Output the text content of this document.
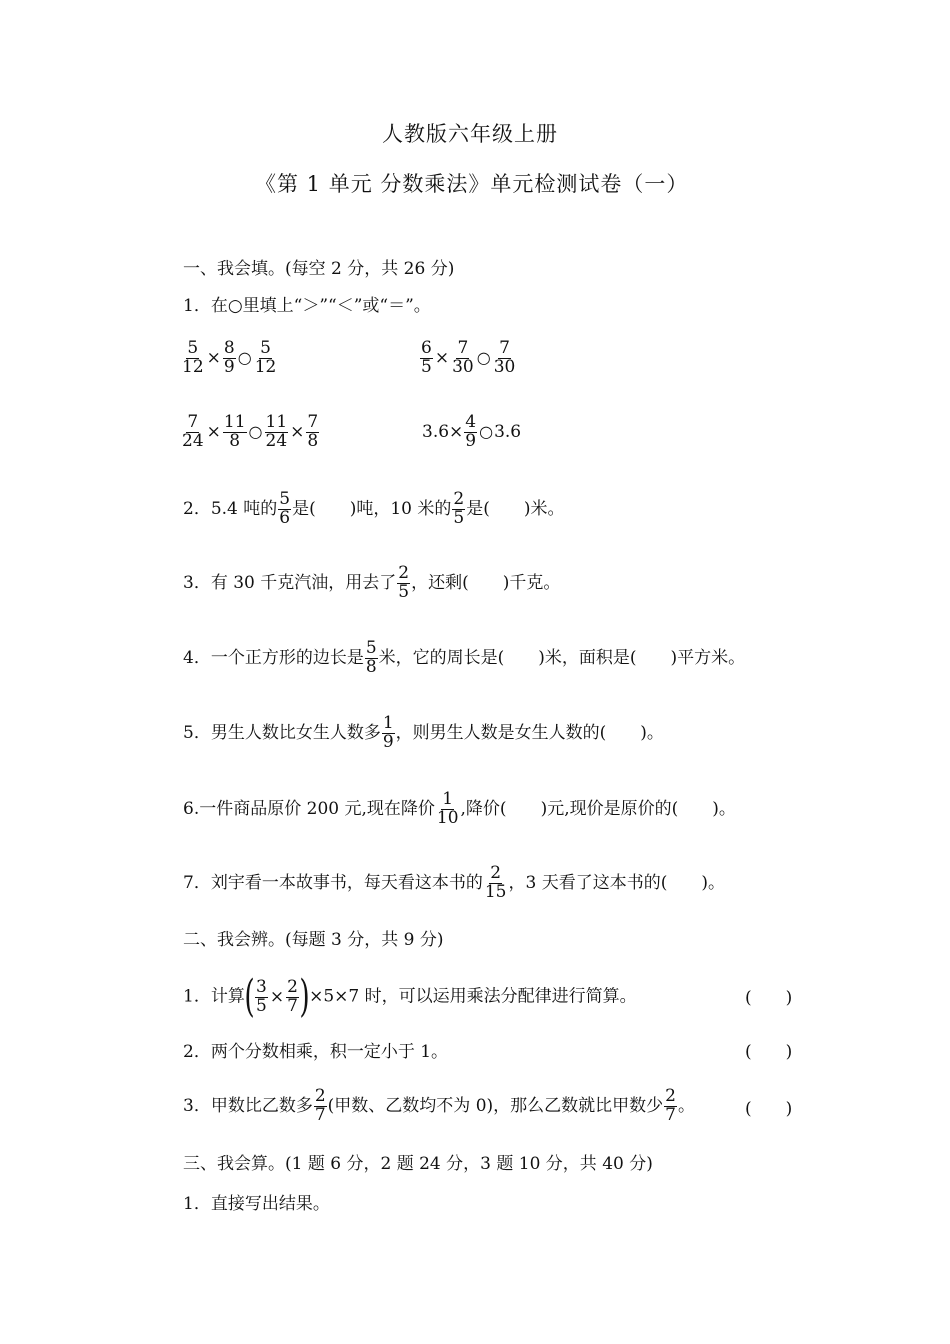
人教版六年级上册
《第 1 单元 分数乘法》单元检测试卷（一）
一、我会填。(每空 2 分，共 26 分)
1．在○里填上“＞”“＜”或“＝”。
$\frac{5}{12} \times \frac{8}{9}$ ○ $\frac{5}{12}$	$\frac{6}{5} \times \frac{7}{30}$ ○ $\frac{7}{30}$
$\frac{7}{24} \times \frac{11}{8}$ ○ $\frac{11}{24} \times \frac{7}{8}$	$3.6\times \frac{4}{9}$ ○3.6
2．5.4 吨的 $\frac{5}{6}$ 是(　　)吨，10 米的 $\frac{2}{5}$ 是(　　)米。
3．有 30 千克汽油，用去了 $\frac{2}{5}$ ，还剩(　　)千克。
4．一个正方形的边长是 $\frac{5}{8}$ 米，它的周长是(　　)米，面积是(　　)平方米。
5．男生人数比女生人数多 $\frac{1}{9}$ ，则男生人数是女生人数的(　　)。
6.一件商品原价 200 元,现在降价 $\frac{1}{10}$ ,降价(　　)元,现价是原价的(　　)。
7．刘宇看一本故事书，每天看这本书的 $\frac{2}{15}$ ，3 天看了这本书的(　　)。
二、我会辨。(每题 3 分，共 9 分)
1．计算( $\frac{3}{5} \times \frac{2}{7} )\times 5\times 7$ 时，可以运用乘法分配律进行简算。	(　　)
2．两个分数相乘，积一定小于 1。	(　　)
3．甲数比乙数多 $\frac{2}{7}$ (甲数、乙数均不为 0)，那么乙数就比甲数少 $\frac{2}{7}$ 。	(　　)
三、我会算。(1 题 6 分，2 题 24 分，3 题 10 分，共 40 分)
1．直接写出结果。
